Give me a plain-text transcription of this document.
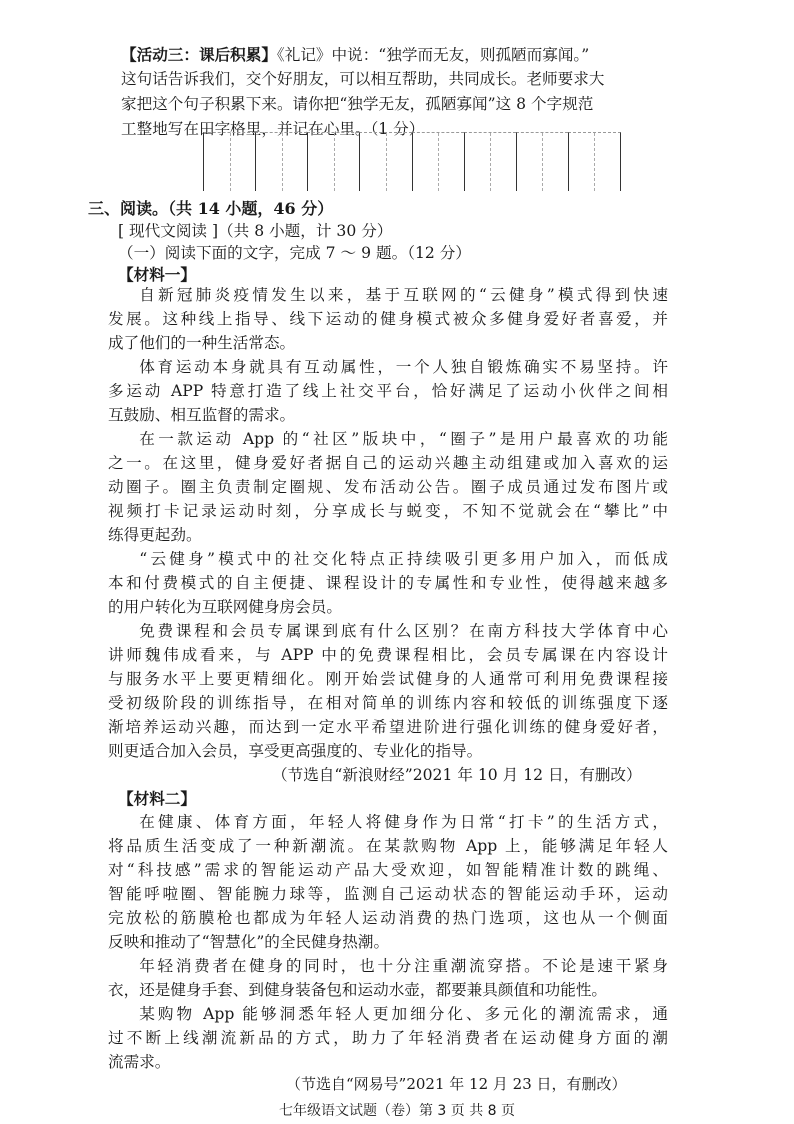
【活动三：课后积累】《礼记》中说：“独学而无友，则孤陋而寡闻。”
这句话告诉我们，交个好朋友，可以相互帮助，共同成长。老师要求大
家把这个句子积累下来。请你把“独学无友，孤陋寡闻”这 8 个字规范
工整地写在田字格里，并记在心里。（1 分）
三、阅读。（共 14 小题，46 分）
[ 现代文阅读 ]（共 8 小题，计 30 分）
（一）阅读下面的文字，完成 7 ～ 9 题。（12 分）
【材料一】
自新冠肺炎疫情发生以来，基于互联网的“云健身”模式得到快速
发展。这种线上指导、线下运动的健身模式被众多健身爱好者喜爱，并
成了他们的一种生活常态。
体育运动本身就具有互动属性，一个人独自锻炼确实不易坚持。许
多运动 APP 特意打造了线上社交平台，恰好满足了运动小伙伴之间相
互鼓励、相互监督的需求。
在一款运动 App 的“社区”版块中，“圈子”是用户最喜欢的功能
之一。在这里，健身爱好者据自己的运动兴趣主动组建或加入喜欢的运
动圈子。圈主负责制定圈规、发布活动公告。圈子成员通过发布图片或
视频打卡记录运动时刻，分享成长与蜕变，不知不觉就会在“攀比”中
练得更起劲。
“云健身”模式中的社交化特点正持续吸引更多用户加入，而低成
本和付费模式的自主便捷、课程设计的专属性和专业性，使得越来越多
的用户转化为互联网健身房会员。
免费课程和会员专属课到底有什么区别？在南方科技大学体育中心
讲师魏伟成看来，与 APP 中的免费课程相比，会员专属课在内容设计
与服务水平上要更精细化。刚开始尝试健身的人通常可利用免费课程接
受初级阶段的训练指导，在相对简单的训练内容和较低的训练强度下逐
渐培养运动兴趣，而达到一定水平希望进阶进行强化训练的健身爱好者，
则更适合加入会员，享受更高强度的、专业化的指导。
（节选自“新浪财经”2021 年 10 月 12 日，有删改）
【材料二】
在健康、体育方面，年轻人将健身作为日常“打卡”的生活方式，
将品质生活变成了一种新潮流。在某款购物 App 上，能够满足年轻人
对“科技感”需求的智能运动产品大受欢迎，如智能精准计数的跳绳、
智能呼啦圈、智能腕力球等，监测自己运动状态的智能运动手环，运动
完放松的筋膜枪也都成为年轻人运动消费的热门选项，这也从一个侧面
反映和推动了“智慧化”的全民健身热潮。
年轻消费者在健身的同时，也十分注重潮流穿搭。不论是速干紧身
衣，还是健身手套、到健身装备包和运动水壶，都要兼具颜值和功能性。
某购物 App 能够洞悉年轻人更加细分化、多元化的潮流需求，通
过不断上线潮流新品的方式，助力了年轻消费者在运动健身方面的潮
流需求。
（节选自“网易号”2021 年 12 月 23 日，有删改）
七年级语文试题（卷）第 3 页 共 8 页
